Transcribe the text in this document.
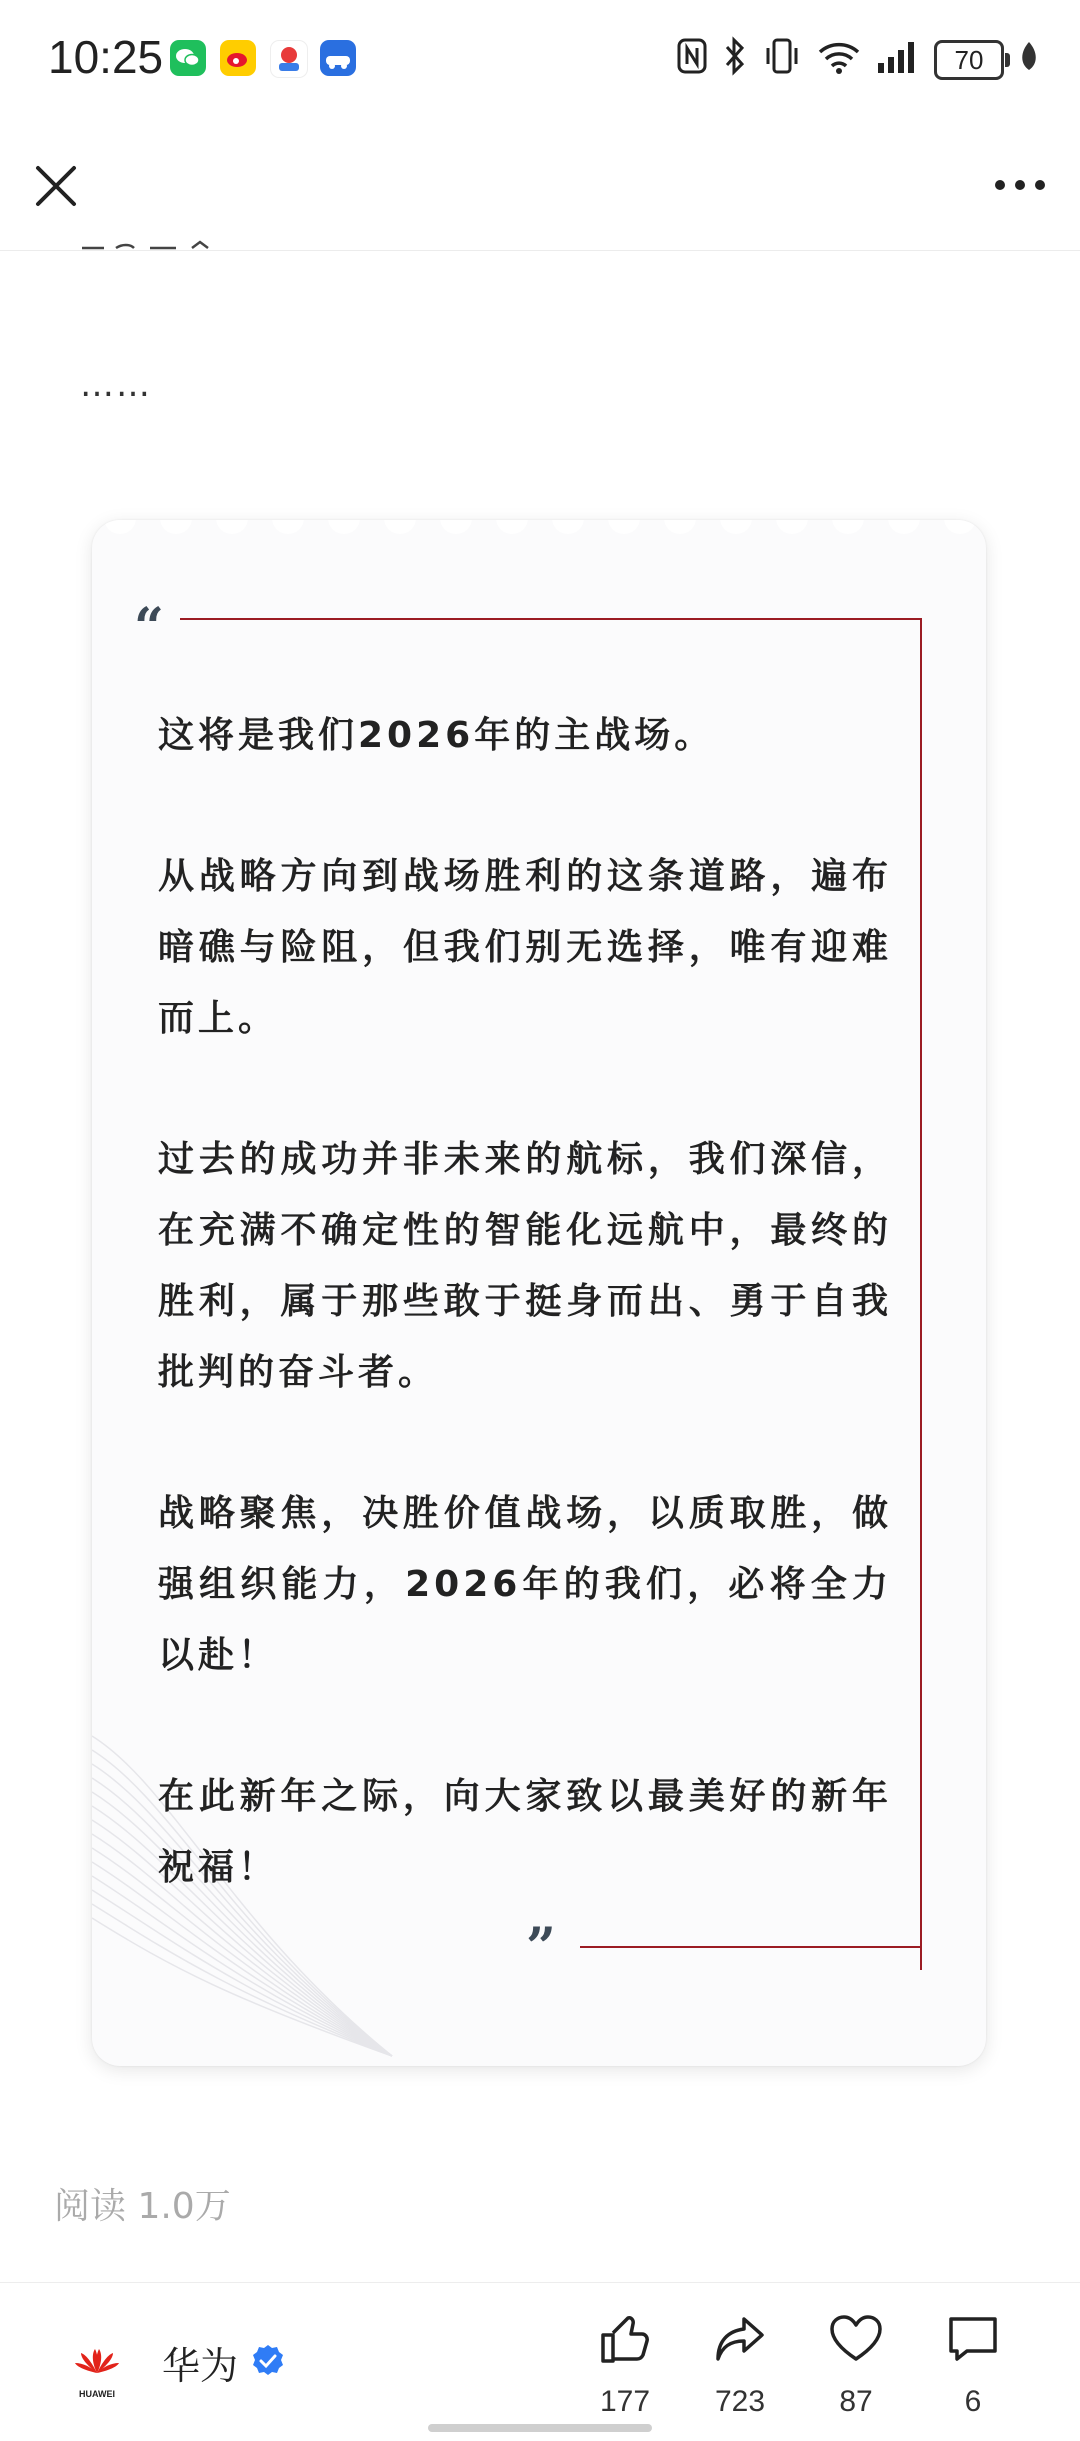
10:25	70
……
“
”

这将是我们2026年的主战场。

从战略方向到战场胜利的这条道路，遍布暗礁与险阻，但我们别无选择，唯有迎难而上。

过去的成功并非未来的航标，我们深信，在充满不确定性的智能化远航中，最终的胜利，属于那些敢于挺身而出、勇于自我批判的奋斗者。

战略聚焦，决胜价值战场，以质取胜，做强组织能力，2026年的我们，必将全力以赴！

在此新年之际，向大家致以最美好的新年祝福！

阅读 1.0万
HUAWEI
华为
177	723	87	6
